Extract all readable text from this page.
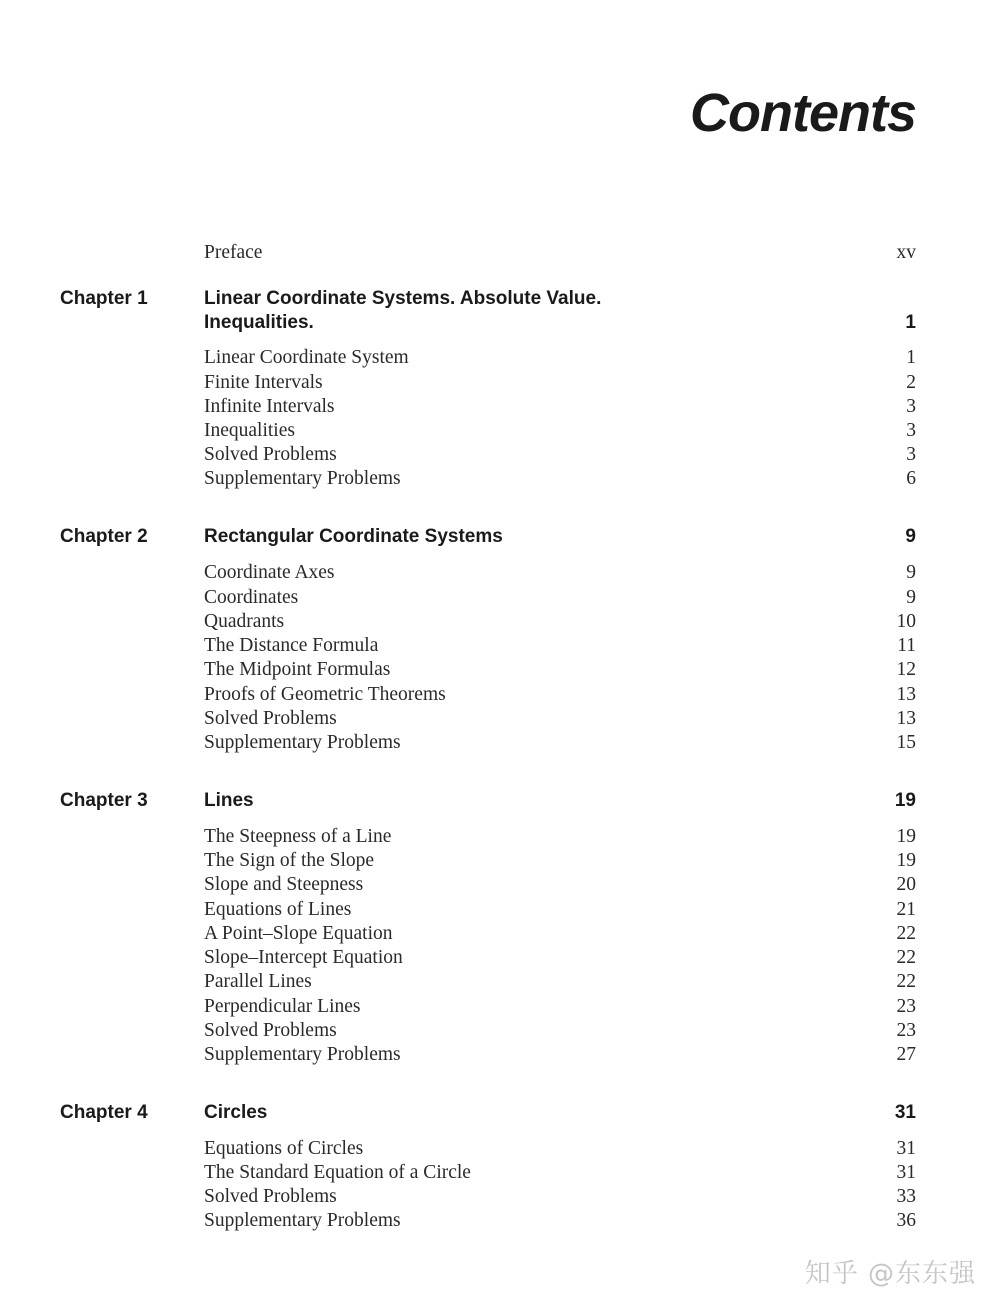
Contents
Preface	xv
Chapter 1	Linear Coordinate Systems. Absolute Value.
Inequalities.	1
Linear Coordinate System	1
Finite Intervals	2
Infinite Intervals	3
Inequalities	3
Solved Problems	3
Supplementary Problems	6
Chapter 2	Rectangular Coordinate Systems	9
Coordinate Axes	9
Coordinates	9
Quadrants	10
The Distance Formula	11
The Midpoint Formulas	12
Proofs of Geometric Theorems	13
Solved Problems	13
Supplementary Problems	15
Chapter 3	Lines	19
The Steepness of a Line	19
The Sign of the Slope	19
Slope and Steepness	20
Equations of Lines	21
A Point–Slope Equation	22
Slope–Intercept Equation	22
Parallel Lines	22
Perpendicular Lines	23
Solved Problems	23
Supplementary Problems	27
Chapter 4	Circles	31
Equations of Circles	31
The Standard Equation of a Circle	31
Solved Problems	33
Supplementary Problems	36
知乎 @东东强
